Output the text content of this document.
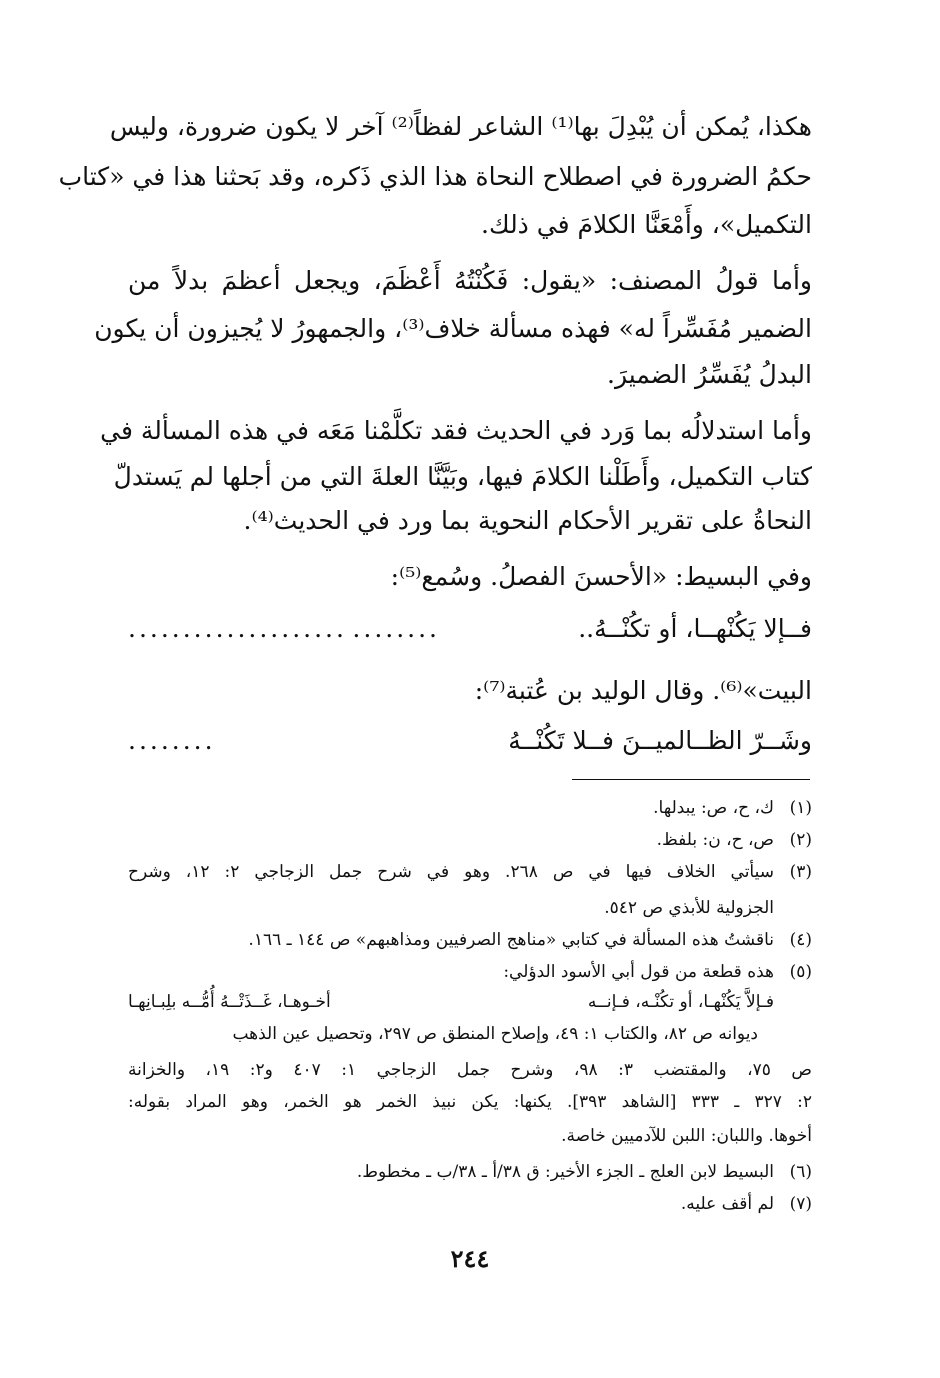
هكذا، يُمكن أن يُبْدِلَ بها⁽¹⁾ الشاعر لفظاً⁽²⁾ آخر لا يكون ضرورة، وليس
حكمُ الضرورة في اصطلاح النحاة هذا الذي ذَكره، وقد بَحثنا هذا في «كتاب
التكميل»، وأَمْعَنَّا الكلامَ في ذلك.
وأما قولُ المصنف: «يقول: فَكُنْتُهُ أَعْظَمَ، ويجعل أعظمَ بدلاً من
الضمير مُفَسِّراً له» فهذه مسألة خلاف⁽³⁾، والجمهورُ لا يُجيزون أن يكون
البدلُ يُفَسِّرُ الضميرَ.
وأما استدلالُه بما وَرد في الحديث فقد تكلَّمْنا مَعَه في هذه المسألة في
كتاب التكميل، وأَطَلْنا الكلامَ فيها، وبَيَّنَّا العلةَ التي من أجلها لم يَستدلّ
النحاةُ على تقرير الأحكام النحوية بما ورد في الحديث⁽⁴⁾.
وفي البسيط: «الأحسنَ الفصلُ. وسُمع⁽⁵⁾:
فــإلا يَكُنْهــا، أو تكُنْــهُ..
........
....................
البيت»⁽⁶⁾. وقال الوليد بن عُتبة⁽⁷⁾:
وشَــرّ الظــالميــنَ فــلا تَكُنْــهُ
........
(١)
ك، ح، ص: يبدلها.
(٢)
ص، ح، ن: بلفظ.
(٣)
سيأتي الخلاف فيها في ص ٢٦٨. وهو في شرح جمل الزجاجي ٢: ١٢، وشرح
الجزولية للأبذي ص ٥٤٢.
(٤)
ناقشتُ هذه المسألة في كتابي «مناهج الصرفيين ومذاهبهم» ص ١٤٤ ـ ١٦٦.
(٥)
هذه قطعة من قول أبي الأسود الدؤلي:
فـإلاَّ يَكُنْهـا، أو تكُنْـه، فـإنــه
أخـوهـا، غَــذَتْــهُ أُمُّــه بلِبـانِهـا
ديوانه ص ٨٢، والكتاب ١: ٤٩، وإصلاح المنطق ص ٢٩٧، وتحصيل عين الذهب
ص ٧٥، والمقتضب ٣: ٩٨، وشرح جمل الزجاجي ١: ٤٠٧ و٢: ١٩، والخزانة
٢: ٣٢٧ ـ ٣٣٣ [الشاهد ٣٩٣]. يكنها: يكن نبيذ الخمر هو الخمر، وهو المراد بقوله:
أخوها. واللبان: اللبن للآدميين خاصة.
(٦)
البسيط لابن العلج ـ الجزء الأخير: ق ٣٨/أ ـ ٣٨/ب ـ مخطوط.
(٧)
لم أقف عليه.
٢٤٤
